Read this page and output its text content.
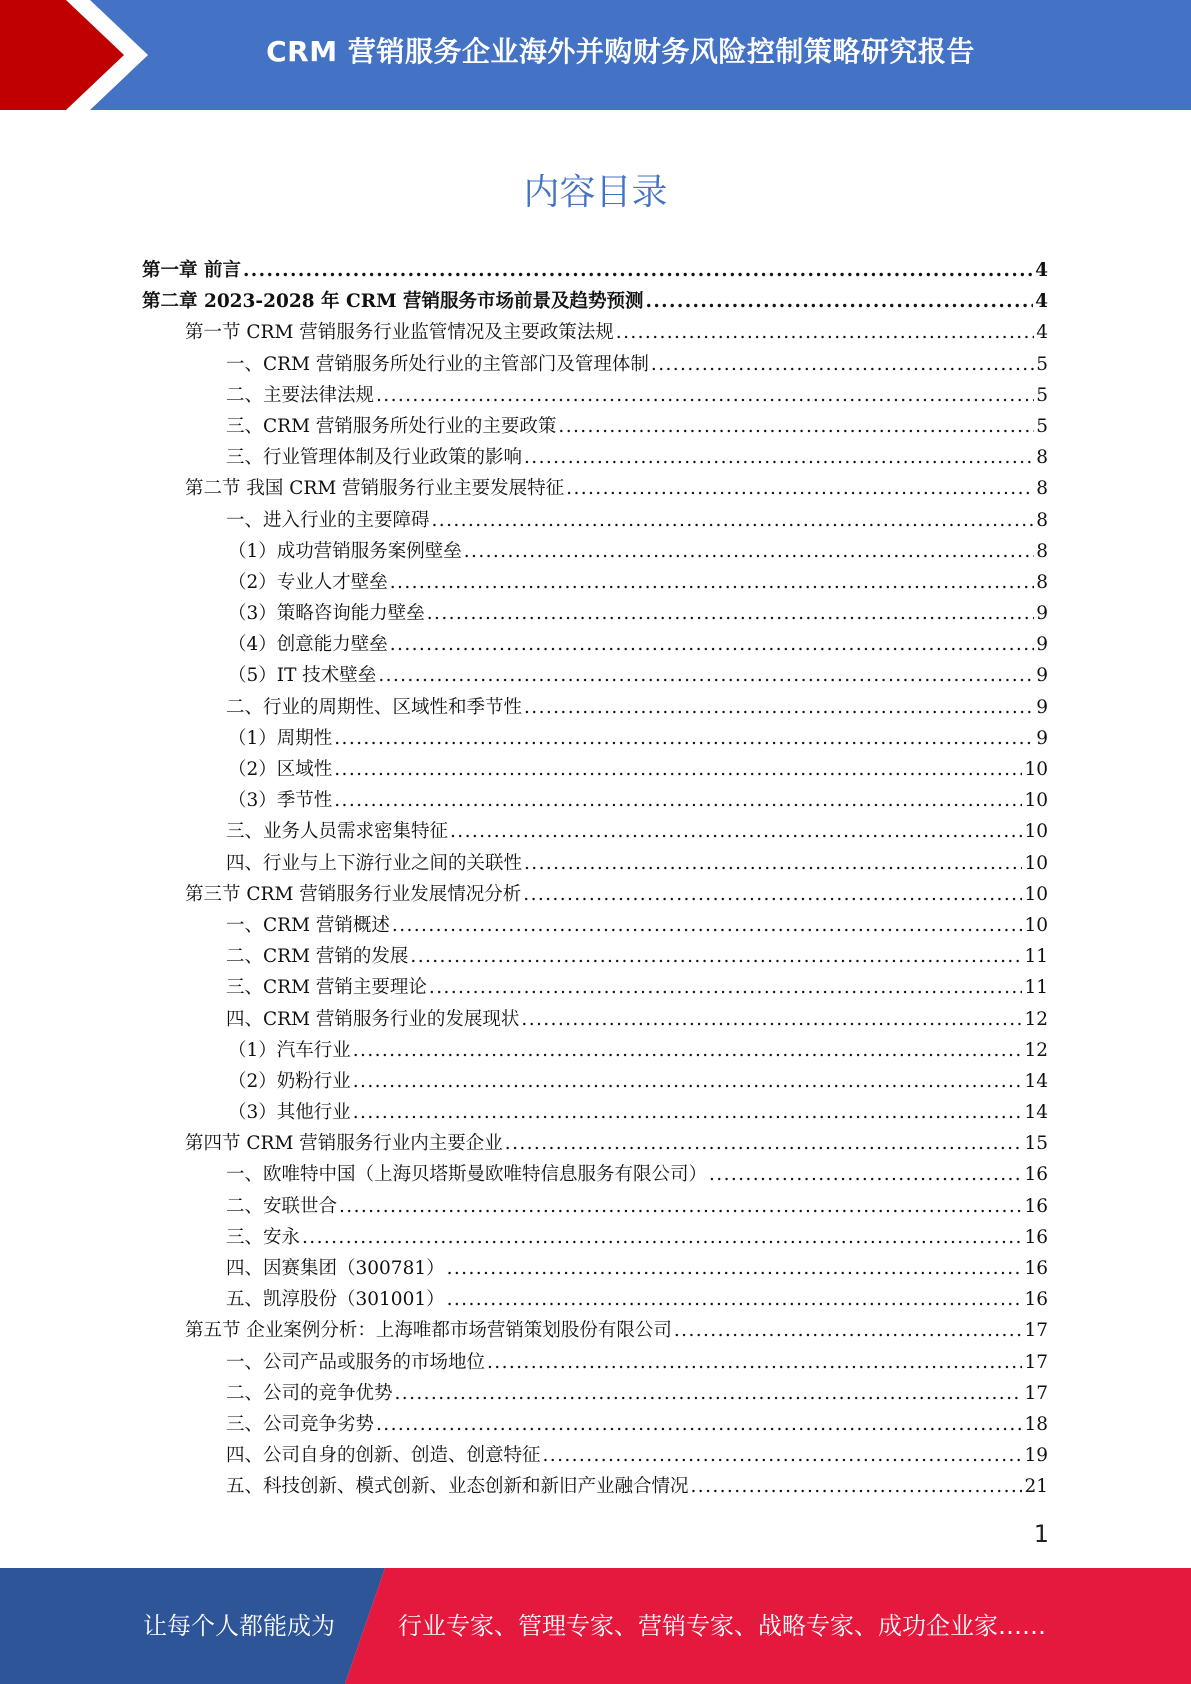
CRM 营销服务企业海外并购财务风险控制策略研究报告
内容目录
第一章 前言 .....	4
第二章 2023-2028 年 CRM 营销服务市场前景及趋势预测 .....	4
第一节 CRM 营销服务行业监管情况及主要政策法规 .....	4
一、CRM 营销服务所处行业的主管部门及管理体制 .....	5
二、主要法律法规 .....	5
三、CRM 营销服务所处行业的主要政策 .....	5
三、行业管理体制及行业政策的影响 .....	8
第二节 我国 CRM 营销服务行业主要发展特征 .....	8
一、进入行业的主要障碍 .....	8
（1）成功营销服务案例壁垒 .....	8
（2）专业人才壁垒 .....	8
（3）策略咨询能力壁垒 .....	9
（4）创意能力壁垒 .....	9
（5）IT 技术壁垒 .....	9
二、行业的周期性、区域性和季节性 .....	9
（1）周期性 .....	9
（2）区域性 .....	10
（3）季节性 .....	10
三、业务人员需求密集特征 .....	10
四、行业与上下游行业之间的关联性 .....	10
第三节 CRM 营销服务行业发展情况分析 .....	10
一、CRM 营销概述 .....	10
二、CRM 营销的发展 .....	11
三、CRM 营销主要理论 .....	11
四、CRM 营销服务行业的发展现状 .....	12
（1）汽车行业 .....	12
（2）奶粉行业 .....	14
（3）其他行业 .....	14
第四节 CRM 营销服务行业内主要企业 .....	15
一、欧唯特中国（上海贝塔斯曼欧唯特信息服务有限公司） .....	16
二、安联世合 .....	16
三、安永 .....	16
四、因赛集团（300781） .....	16
五、凯淳股份（301001） .....	16
第五节 企业案例分析：上海唯都市场营销策划股份有限公司 .....	17
一、公司产品或服务的市场地位 .....	17
二、公司的竞争优势 .....	17
三、公司竞争劣势 .....	18
四、公司自身的创新、创造、创意特征 .....	19
五、科技创新、模式创新、业态创新和新旧产业融合情况 .....	21
1
让每个人都能成为	行业专家、管理专家、营销专家、战略专家、成功企业家……
